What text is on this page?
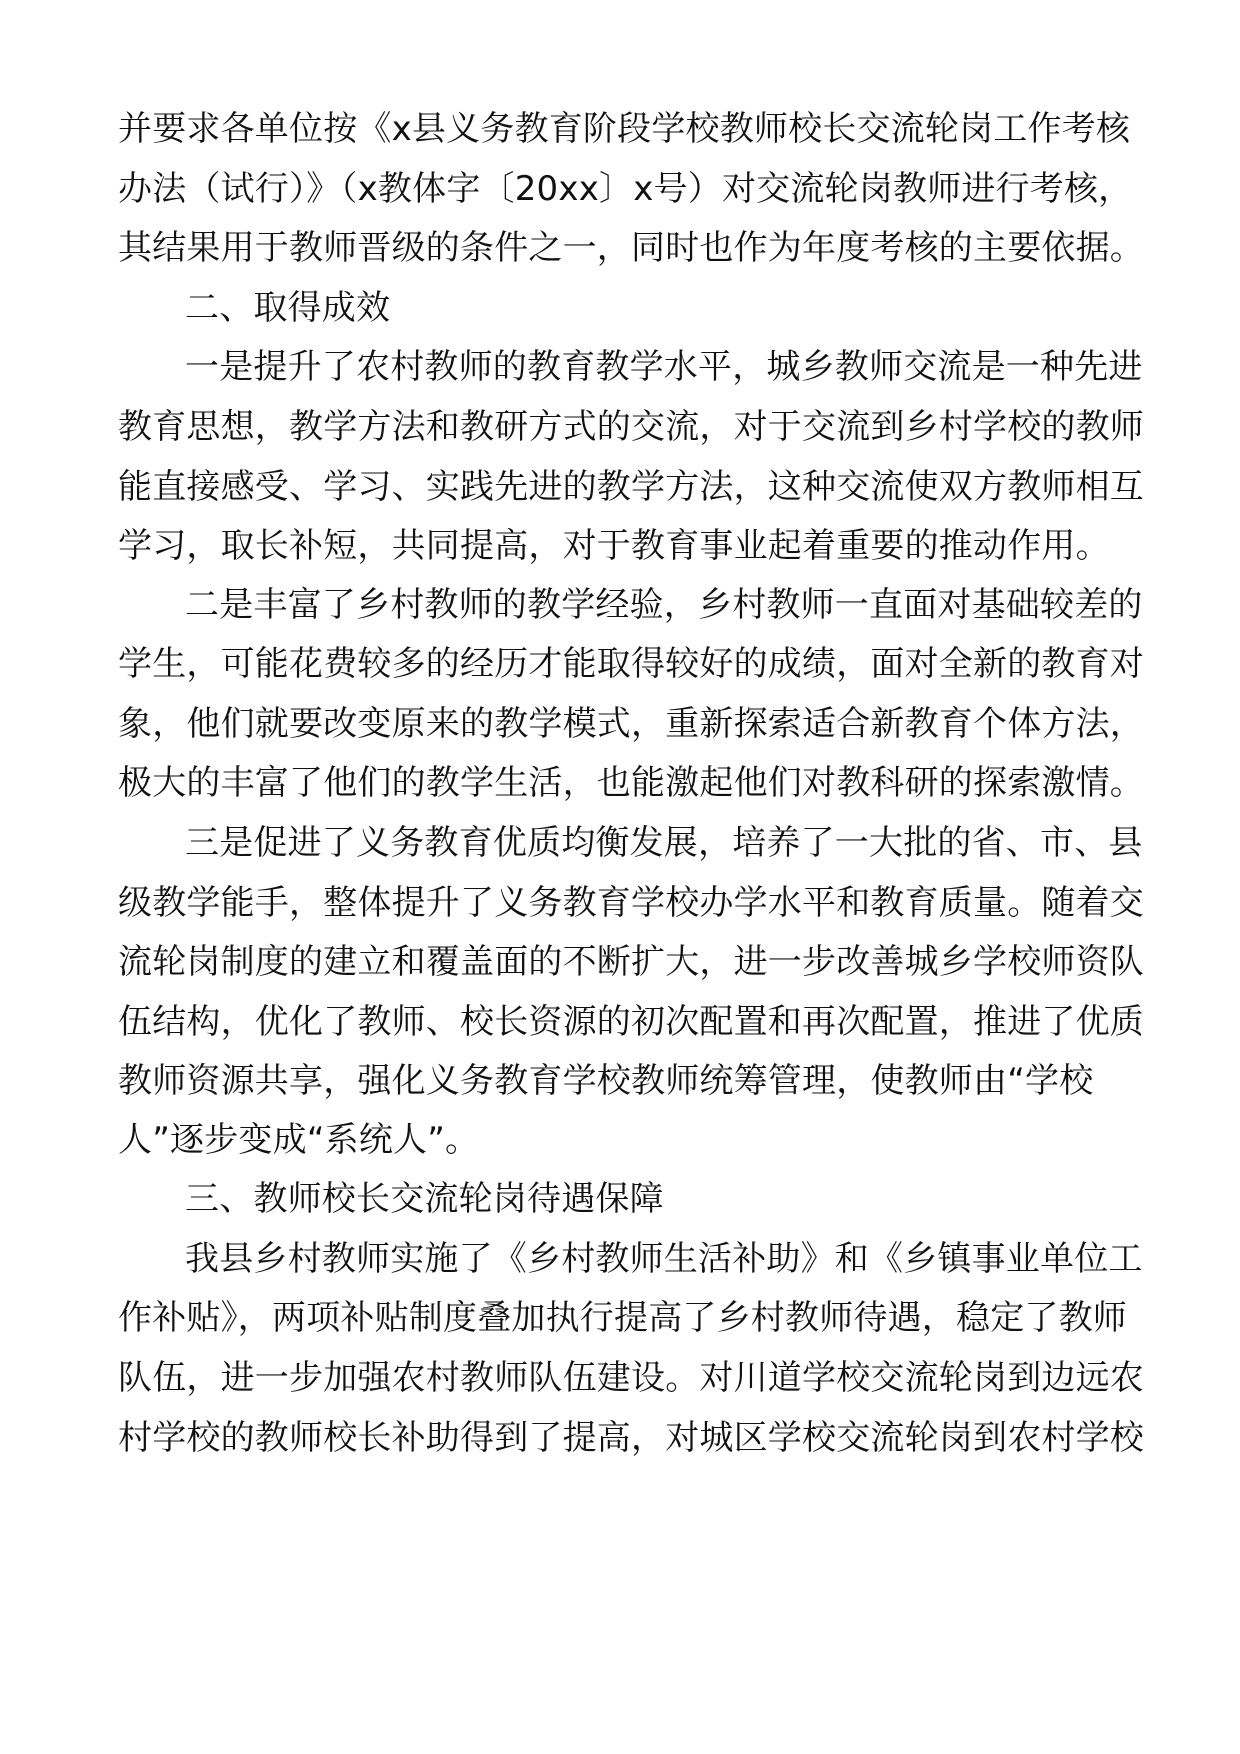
并要求各单位按《x县义务教育阶段学校教师校长交流轮岗工作考核
办法（试行）》（x教体字〔20xx〕x号）对交流轮岗教师进行考核，
其结果用于教师晋级的条件之一，同时也作为年度考核的主要依据。
二、取得成效
一是提升了农村教师的教育教学水平，城乡教师交流是一种先进
教育思想，教学方法和教研方式的交流，对于交流到乡村学校的教师
能直接感受、学习、实践先进的教学方法，这种交流使双方教师相互
学习，取长补短，共同提高，对于教育事业起着重要的推动作用。
二是丰富了乡村教师的教学经验，乡村教师一直面对基础较差的
学生，可能花费较多的经历才能取得较好的成绩，面对全新的教育对
象，他们就要改变原来的教学模式，重新探索适合新教育个体方法，
极大的丰富了他们的教学生活，也能激起他们对教科研的探索激情。
三是促进了义务教育优质均衡发展，培养了一大批的省、市、县
级教学能手，整体提升了义务教育学校办学水平和教育质量。随着交
流轮岗制度的建立和覆盖面的不断扩大，进一步改善城乡学校师资队
伍结构，优化了教师、校长资源的初次配置和再次配置，推进了优质
教师资源共享，强化义务教育学校教师统筹管理，使教师由“学校
人”逐步变成“系统人”。
三、教师校长交流轮岗待遇保障
我县乡村教师实施了《乡村教师生活补助》和《乡镇事业单位工
作补贴》，两项补贴制度叠加执行提高了乡村教师待遇，稳定了教师
队伍，进一步加强农村教师队伍建设。对川道学校交流轮岗到边远农
村学校的教师校长补助得到了提高，对城区学校交流轮岗到农村学校
